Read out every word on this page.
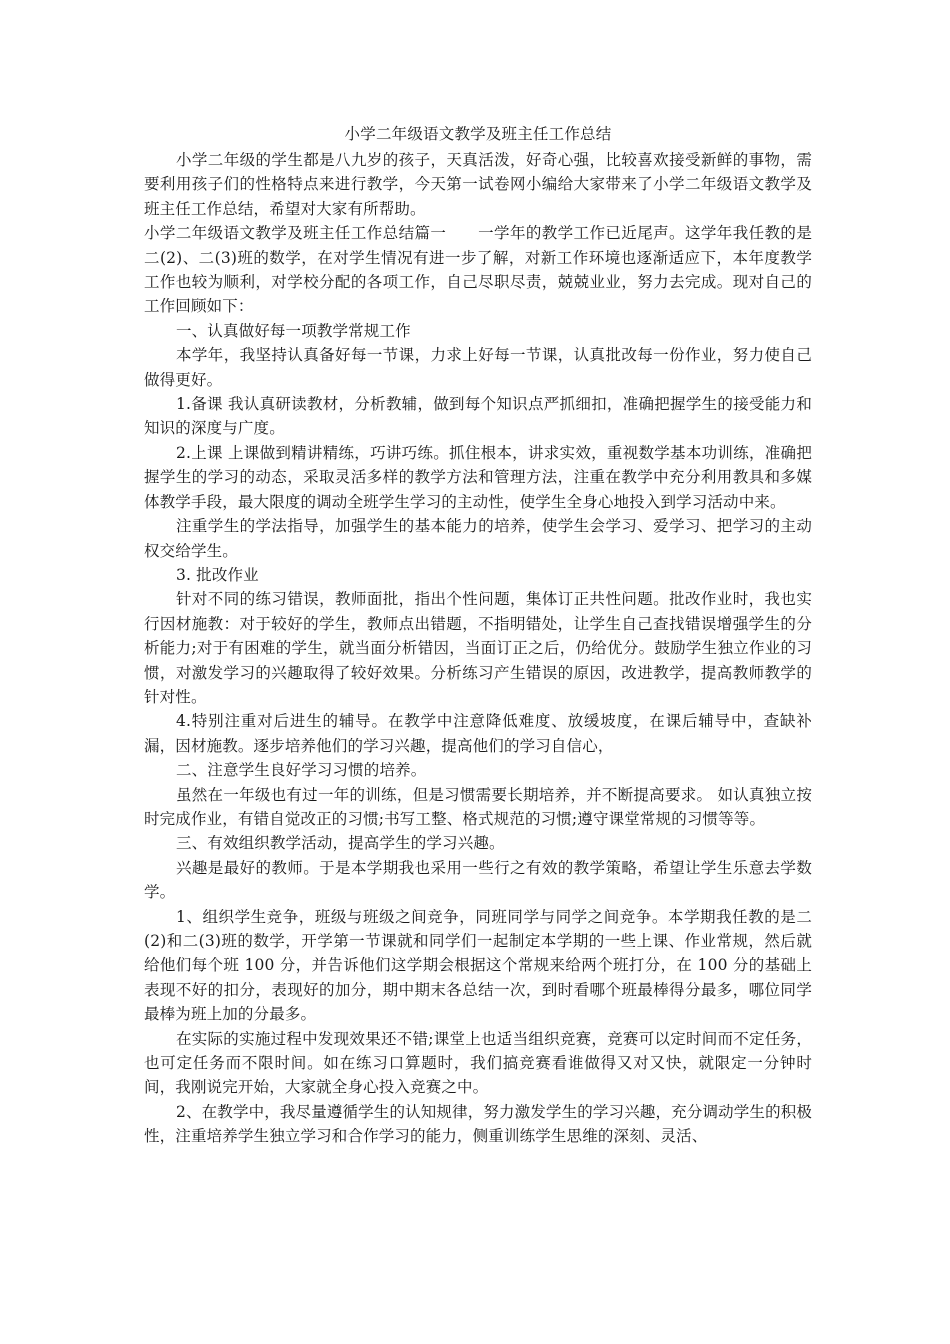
小学二年级语文教学及班主任工作总结

小学二年级的学生都是八九岁的孩子，天真活泼，好奇心强，比较喜欢接受新鲜的事物，需要利用孩子们的性格特点来进行教学，今天第一试卷网小编给大家带来了小学二年级语文教学及班主任工作总结，希望对大家有所帮助。

小学二年级语文教学及班主任工作总结篇一　　一学年的教学工作已近尾声。这学年我任教的是二(2)、二(3)班的数学，在对学生情况有进一步了解，对新工作环境也逐渐适应下，本年度教学工作也较为顺利，对学校分配的各项工作，自己尽职尽责，兢兢业业，努力去完成。现对自己的工作回顾如下：

一、认真做好每一项教学常规工作

本学年，我坚持认真备好每一节课，力求上好每一节课，认真批改每一份作业，努力使自己做得更好。

1.备课 我认真研读教材，分析教辅，做到每个知识点严抓细扣，准确把握学生的接受能力和知识的深度与广度。

2.上课 上课做到精讲精练，巧讲巧练。抓住根本，讲求实效，重视数学基本功训练，准确把握学生的学习的动态，采取灵活多样的教学方法和管理方法，注重在教学中充分利用教具和多媒体教学手段，最大限度的调动全班学生学习的主动性，使学生全身心地投入到学习活动中来。

注重学生的学法指导，加强学生的基本能力的培养，使学生会学习、爱学习、把学习的主动权交给学生。

3. 批改作业

针对不同的练习错误，教师面批，指出个性问题，集体订正共性问题。批改作业时，我也实行因材施教：对于较好的学生，教师点出错题，不指明错处，让学生自己查找错误增强学生的分析能力;对于有困难的学生，就当面分析错因，当面订正之后，仍给优分。鼓励学生独立作业的习惯，对激发学习的兴趣取得了较好效果。分析练习产生错误的原因，改进教学，提高教师教学的针对性。

4.特别注重对后进生的辅导。在教学中注意降低难度、放缓坡度，在课后辅导中，查缺补漏，因材施教。逐步培养他们的学习兴趣，提高他们的学习自信心，

二、注意学生良好学习习惯的培养。

虽然在一年级也有过一年的训练，但是习惯需要长期培养，并不断提高要求。 如认真独立按时完成作业，有错自觉改正的习惯;书写工整、格式规范的习惯;遵守课堂常规的习惯等等。

三、有效组织教学活动，提高学生的学习兴趣。

兴趣是最好的教师。于是本学期我也采用一些行之有效的教学策略，希望让学生乐意去学数学。

1、组织学生竞争，班级与班级之间竞争，同班同学与同学之间竞争。本学期我任教的是二(2)和二(3)班的数学，开学第一节课就和同学们一起制定本学期的一些上课、作业常规，然后就给他们每个班 100 分，并告诉他们这学期会根据这个常规来给两个班打分，在 100 分的基础上表现不好的扣分，表现好的加分，期中期末各总结一次，到时看哪个班最棒得分最多，哪位同学最棒为班上加的分最多。

在实际的实施过程中发现效果还不错;课堂上也适当组织竞赛，竞赛可以定时间而不定任务，也可定任务而不限时间。如在练习口算题时，我们搞竞赛看谁做得又对又快，就限定一分钟时间，我刚说完开始，大家就全身心投入竞赛之中。

2、在教学中，我尽量遵循学生的认知规律，努力激发学生的学习兴趣，充分调动学生的积极性，注重培养学生独立学习和合作学习的能力，侧重训练学生思维的深刻、灵活、
